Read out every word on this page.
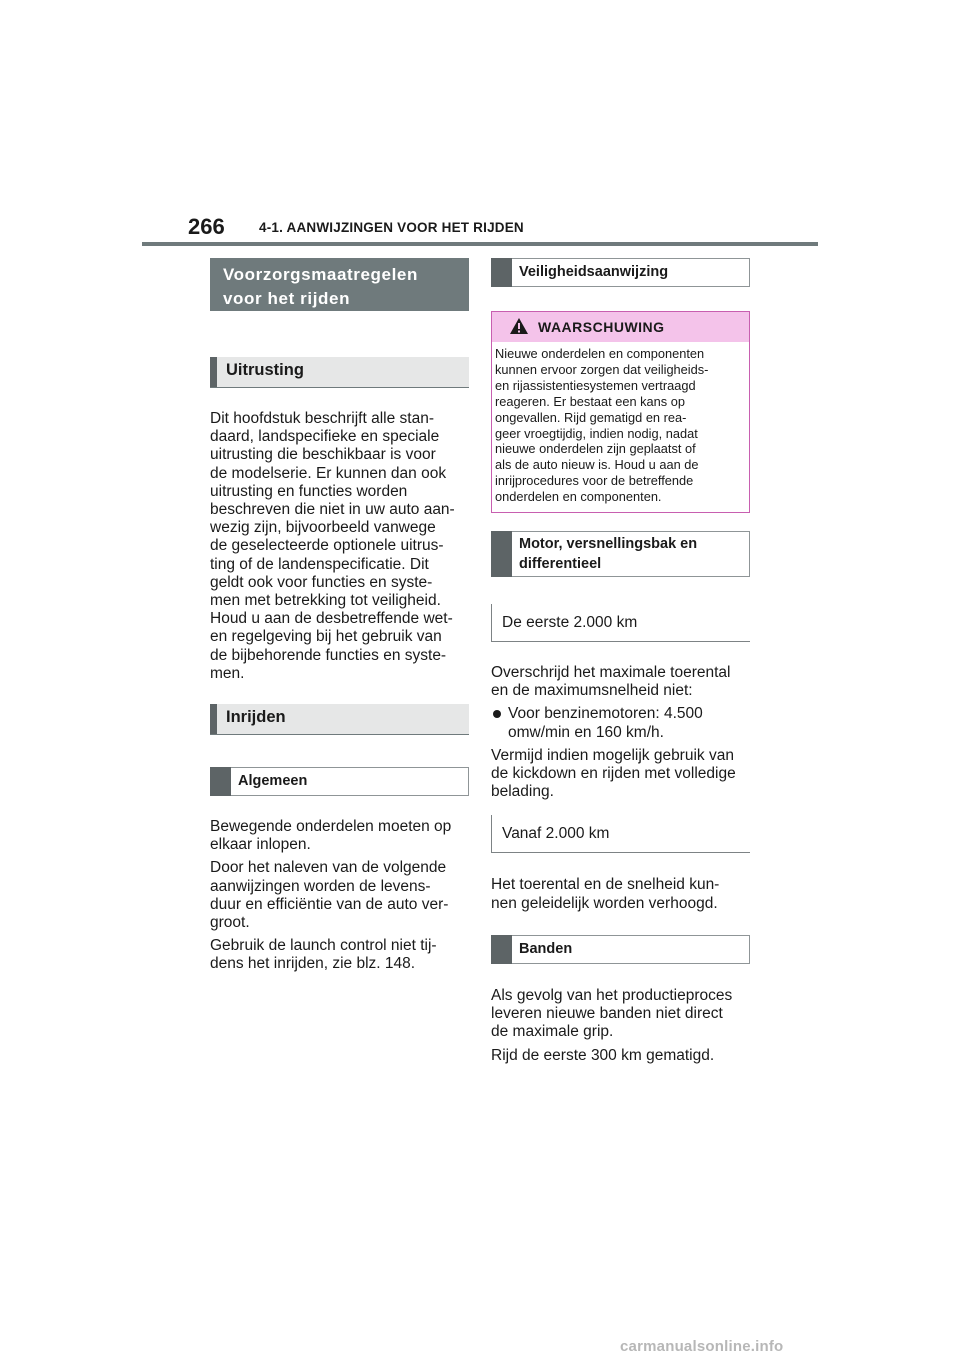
266	4-1. AANWIJZINGEN VOOR HET RIJDEN
Voorzorgsmaatregelen
voor het rijden
Uitrusting

Dit hoofdstuk beschrijft alle stan-
daard, landspecifieke en speciale
uitrusting die beschikbaar is voor
de modelserie. Er kunnen dan ook
uitrusting en functies worden
beschreven die niet in uw auto aan-
wezig zijn, bijvoorbeeld vanwege
de geselecteerde optionele uitrus-
ting of de landenspecificatie. Dit
geldt ook voor functies en syste-
men met betrekking tot veiligheid.
Houd u aan de desbetreffende wet-
en regelgeving bij het gebruik van
de bijbehorende functies en syste-
men.

Inrijden
Algemeen

Bewegende onderdelen moeten op
elkaar inlopen.

Door het naleven van de volgende
aanwijzingen worden de levens-
duur en efficiëntie van de auto ver-
groot.

Gebruik de launch control niet tij-
dens het inrijden, zie blz. 148.

Veiligheidsaanwijzing
WAARSCHUWING
Nieuwe onderdelen en componenten
kunnen ervoor zorgen dat veiligheids-
en rijassistentiesystemen vertraagd
reageren. Er bestaat een kans op
ongevallen. Rijd gematigd en rea-
geer vroegtijdig, indien nodig, nadat
nieuwe onderdelen zijn geplaatst of
als de auto nieuw is. Houd u aan de
inrijprocedures voor de betreffende
onderdelen en componenten.
Motor, versnellingsbak en
differentieel
De eerste 2.000 km

Overschrijd het maximale toerental
en de maximumsnelheid niet:

Voor benzinemotoren: 4.500
omw/min en 160 km/h.

Vermijd indien mogelijk gebruik van
de kickdown en rijden met volledige
belading.

Vanaf 2.000 km

Het toerental en de snelheid kun-
nen geleidelijk worden verhoogd.

Banden

Als gevolg van het productieproces
leveren nieuwe banden niet direct
de maximale grip.

Rijd de eerste 300 km gematigd.

carmanualsonline.info
